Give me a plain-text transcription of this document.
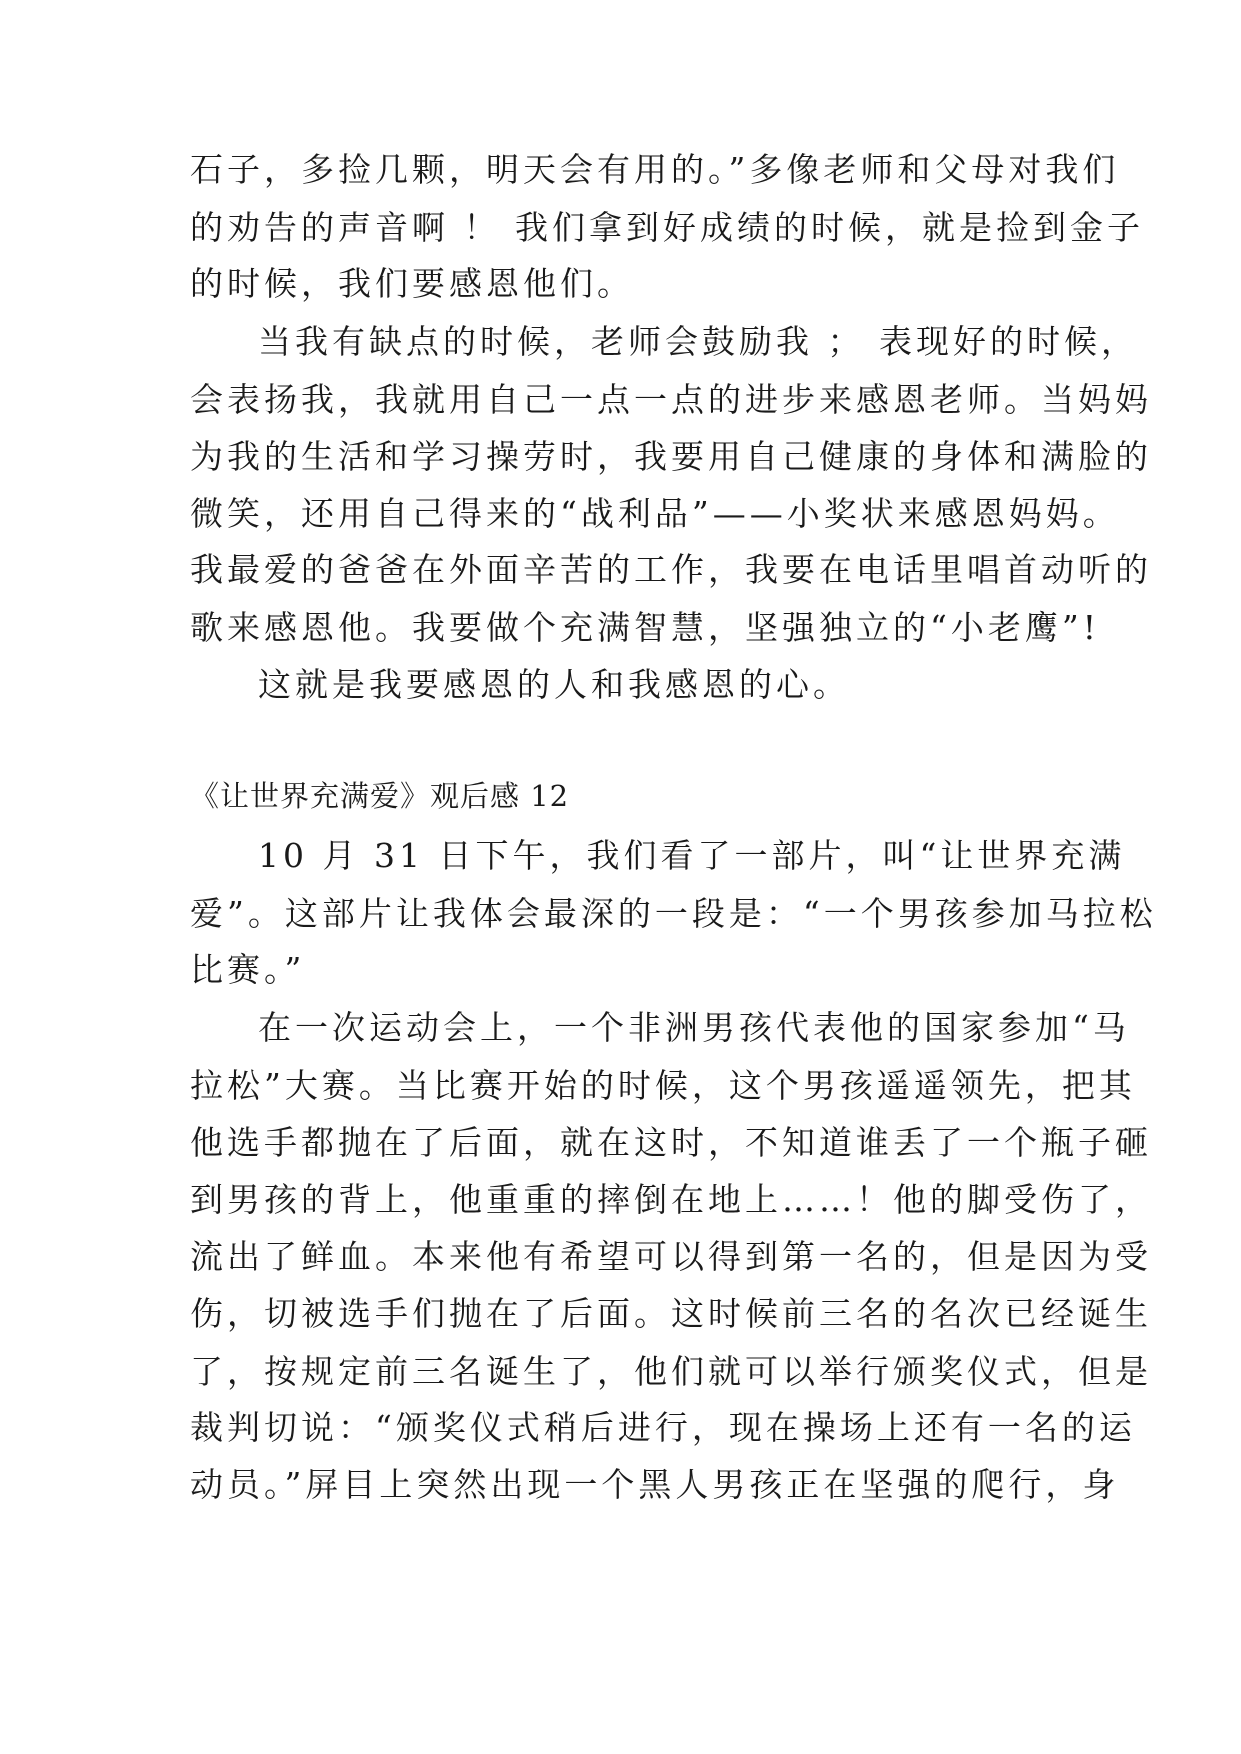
石子，多捡几颗，明天会有用的。”多像老师和父母对我们
的劝告的声音啊 ！ 我们拿到好成绩的时候，就是捡到金子
的时候，我们要感恩他们。
当我有缺点的时候，老师会鼓励我 ； 表现好的时候，
会表扬我，我就用自己一点一点的进步来感恩老师。当妈妈
为我的生活和学习操劳时，我要用自己健康的身体和满脸的
微笑，还用自己得来的“战利品”——小奖状来感恩妈妈。
我最爱的爸爸在外面辛苦的工作，我要在电话里唱首动听的
歌来感恩他。我要做个充满智慧，坚强独立的“小老鹰”!
这就是我要感恩的人和我感恩的心。
《让世界充满爱》观后感 12
10 月 31 日下午，我们看了一部片，叫“让世界充满
爱”。这部片让我体会最深的一段是：“一个男孩参加马拉松
比赛。”
在一次运动会上，一个非洲男孩代表他的国家参加“马
拉松”大赛。当比赛开始的时候，这个男孩遥遥领先，把其
他选手都抛在了后面，就在这时，不知道谁丢了一个瓶子砸
到男孩的背上，他重重的摔倒在地上……！他的脚受伤了，
流出了鲜血。本来他有希望可以得到第一名的，但是因为受
伤，切被选手们抛在了后面。这时候前三名的名次已经诞生
了，按规定前三名诞生了，他们就可以举行颁奖仪式，但是
裁判切说：“颁奖仪式稍后进行，现在操场上还有一名的运
动员。”屏目上突然出现一个黑人男孩正在坚强的爬行，身
